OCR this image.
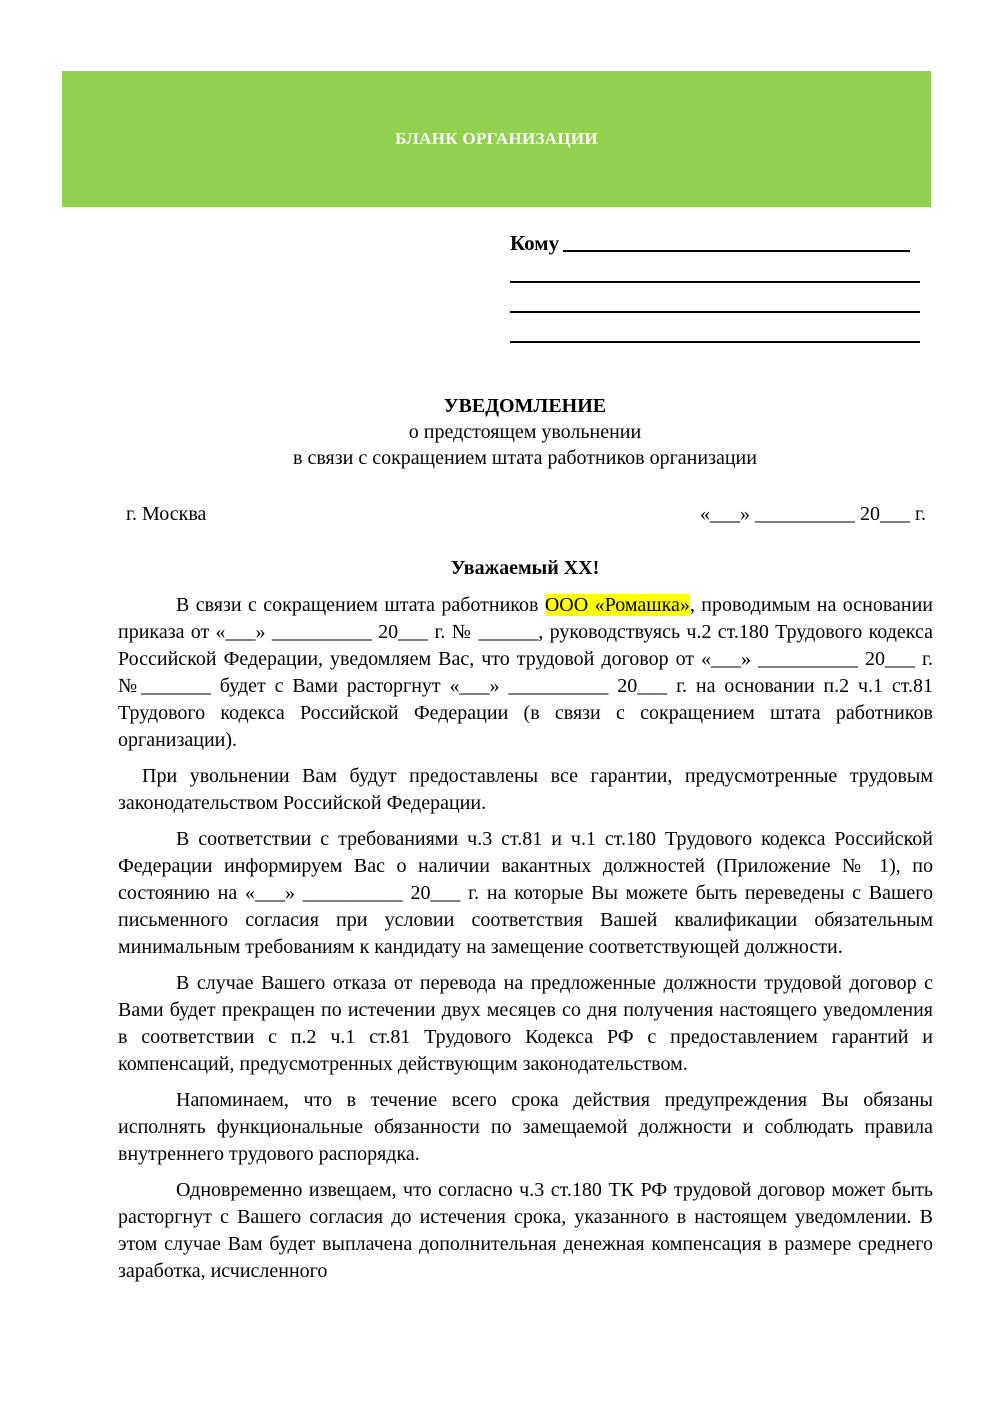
БЛАНК ОРГАНИЗАЦИИ
Кому
УВЕДОМЛЕНИЕ
о предстоящем увольнении
в связи с сокращением штата работников организации
г. Москва	«___» __________ 20___ г.
Уважаемый ХХ!

В связи с сокращением штата работников ООО «Ромашка», проводимым на основании приказа от «___» __________ 20___ г. № ______, руководствуясь ч.2 ст.180 Трудового кодекса Российской Федерации, уведомляем Вас, что трудовой договор от «___» __________ 20___ г. №_______ будет с Вами расторгнут «___» __________ 20___ г. на основании п.2 ч.1 ст.81 Трудового кодекса Российской Федерации (в связи с сокращением штата работников организации).

При увольнении Вам будут предоставлены все гарантии, предусмотренные трудовым законодательством Российской Федерации.

В соответствии с требованиями ч.3 ст.81 и ч.1 ст.180 Трудового кодекса Российской Федерации информируем Вас о наличии вакантных должностей (Приложение № 1), по состоянию на «___» __________ 20___ г. на которые Вы можете быть переведены с Вашего письменного согласия при условии соответствия Вашей квалификации обязательным минимальным требованиям к кандидату на замещение соответствующей должности.

В случае Вашего отказа от перевода на предложенные должности трудовой договор с Вами будет прекращен по истечении двух месяцев со дня получения настоящего уведомления в соответствии с п.2 ч.1 ст.81 Трудового Кодекса РФ с предоставлением гарантий и компенсаций, предусмотренных действующим законодательством.

Напоминаем, что в течение всего срока действия предупреждения Вы обязаны исполнять функциональные обязанности по замещаемой должности и соблюдать правила внутреннего трудового распорядка.

Одновременно извещаем, что согласно ч.3 ст.180 ТК РФ трудовой договор может быть расторгнут с Вашего согласия до истечения срока, указанного в настоящем уведомлении. В этом случае Вам будет выплачена дополнительная денежная компенсация в размере среднего заработка, исчисленного
